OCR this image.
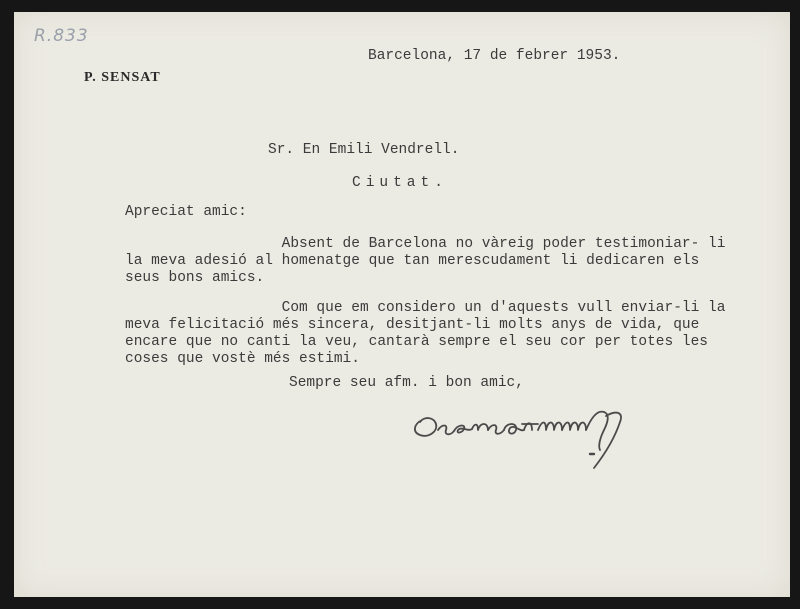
R.833
P. SENSAT
Barcelona, 17 de febrer 1953.
Sr. En Emili Vendrell.
Ciutat.
Apreciat amic:
Absent de Barcelona no vàreig poder testimoniar- li
la meva adesió al homenatge que tan merescudament li dedicaren els
seus bons amics.
Com que em considero un d'aquests vull enviar-li la
meva felicitació més sincera, desitjant-li molts anys de vida, que
encare que no canti la veu, cantarà sempre el seu cor per totes les
coses que vostè més estimi.
Sempre seu afm. i bon amic,
